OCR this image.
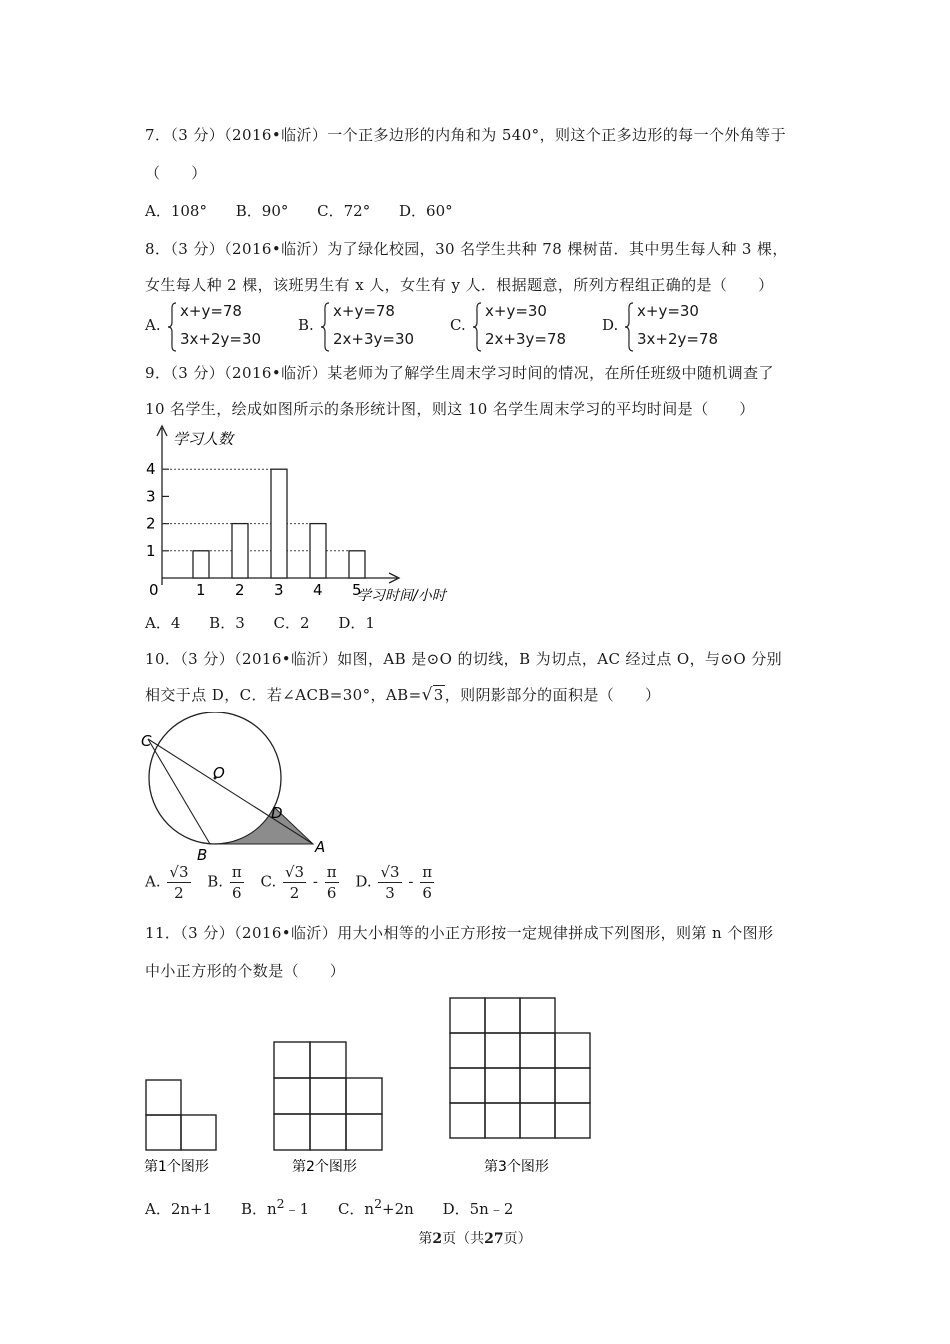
7．（3 分）（2016•临沂）一个正多边形的内角和为 540°，则这个正多边形的每一个外角等于
（　　）
A．108° B．90° C．72° D．60°
8．（3 分）（2016•临沂）为了绿化校园，30 名学生共种 78 棵树苗．其中男生每人种 3 棵，
女生每人种 2 棵，该班男生有 x 人，女生有 y 人．根据题意，所列方程组正确的是（　　）
A.
x+y=78
3x+2y=30
B.
x+y=78
2x+3y=30
C.
x+y=30
2x+3y=78
D.
x+y=30
3x+2y=78
9．（3 分）（2016•临沂）某老师为了解学生周末学习时间的情况，在所任班级中随机调查了
10 名学生，绘成如图所示的条形统计图，则这 10 名学生周末学习的平均时间是（　　）
学习人数
学习时间/小时
0
1
2
3
4
1 2 3 4 5
A．4 B．3 C．2 D．1
10．（3 分）（2016•临沂）如图，AB 是⊙O 的切线，B 为切点，AC 经过点 O，与⊙O 分别
相交于点 D，C．若∠ACB=30°，AB=√3，则阴影部分的面积是（　　）
C
O
D
B	A
A. $\frac{√3}{2} B$. $\frac{\pi}{6} C$. $\frac{√3}{2} - \frac{\pi}{6} D$. $\frac{√3}{3} - \frac{\pi}{6}$
11．（3 分）（2016•临沂）用大小相等的小正方形按一定规律拼成下列图形，则第 n 个图形
中小正方形的个数是（　　）
第1个图形	第2个图形	第3个图形
A．2n+1 B．$n^2﹣1$ C．$n^2+2n$ D．5n﹣2
第2页（共27页）
